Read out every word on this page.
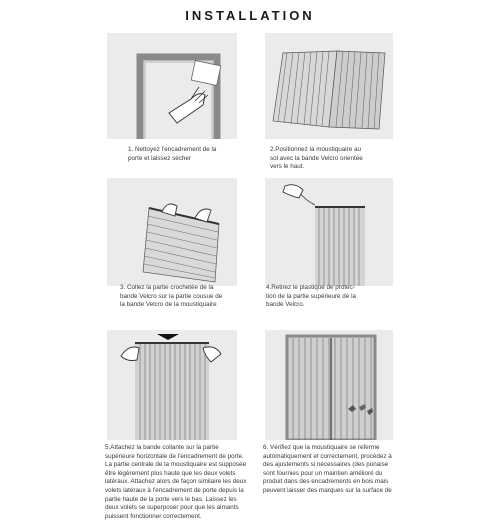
INSTALLATION
1. Nettoyez l'encadrement de la
porte et laissez sécher
2.Positionnez la moustiquaire au
sol avec la bande Velcro orientée
vers le haut.
3. Collez la partie crochetée de la
bande Velcro sur la partie cousue de
la bande Velcro de la moustiquaire
4.Retirez le plastique de protec-
tion de la partie supérieure de la
bande Velcro.
5.Attachez la bande collante sur la partie
supérieure horizontale de l'encadrement de porte.
La partie centrale de la moustiquaire est supposée
être légèrement plus haute que les deux volets
latéraux. Attachez alors de façon similaire les deux
volets latéraux à l'encadrement de porte depuis la
partie haute de la porte vers le bas. Laissez les
deux volets se superposer pour que les aimants
puissent fonctionner correctement.
6. Vérifiez que la moustiquaire se referme
automatiquement et correctement, procédez à
des ajustements si nécessaires (des punaise
sont fournies pour un maintien amélioré du
produit dans des encadrements en bois mais
peuvent laisser des marques sur la surface de
